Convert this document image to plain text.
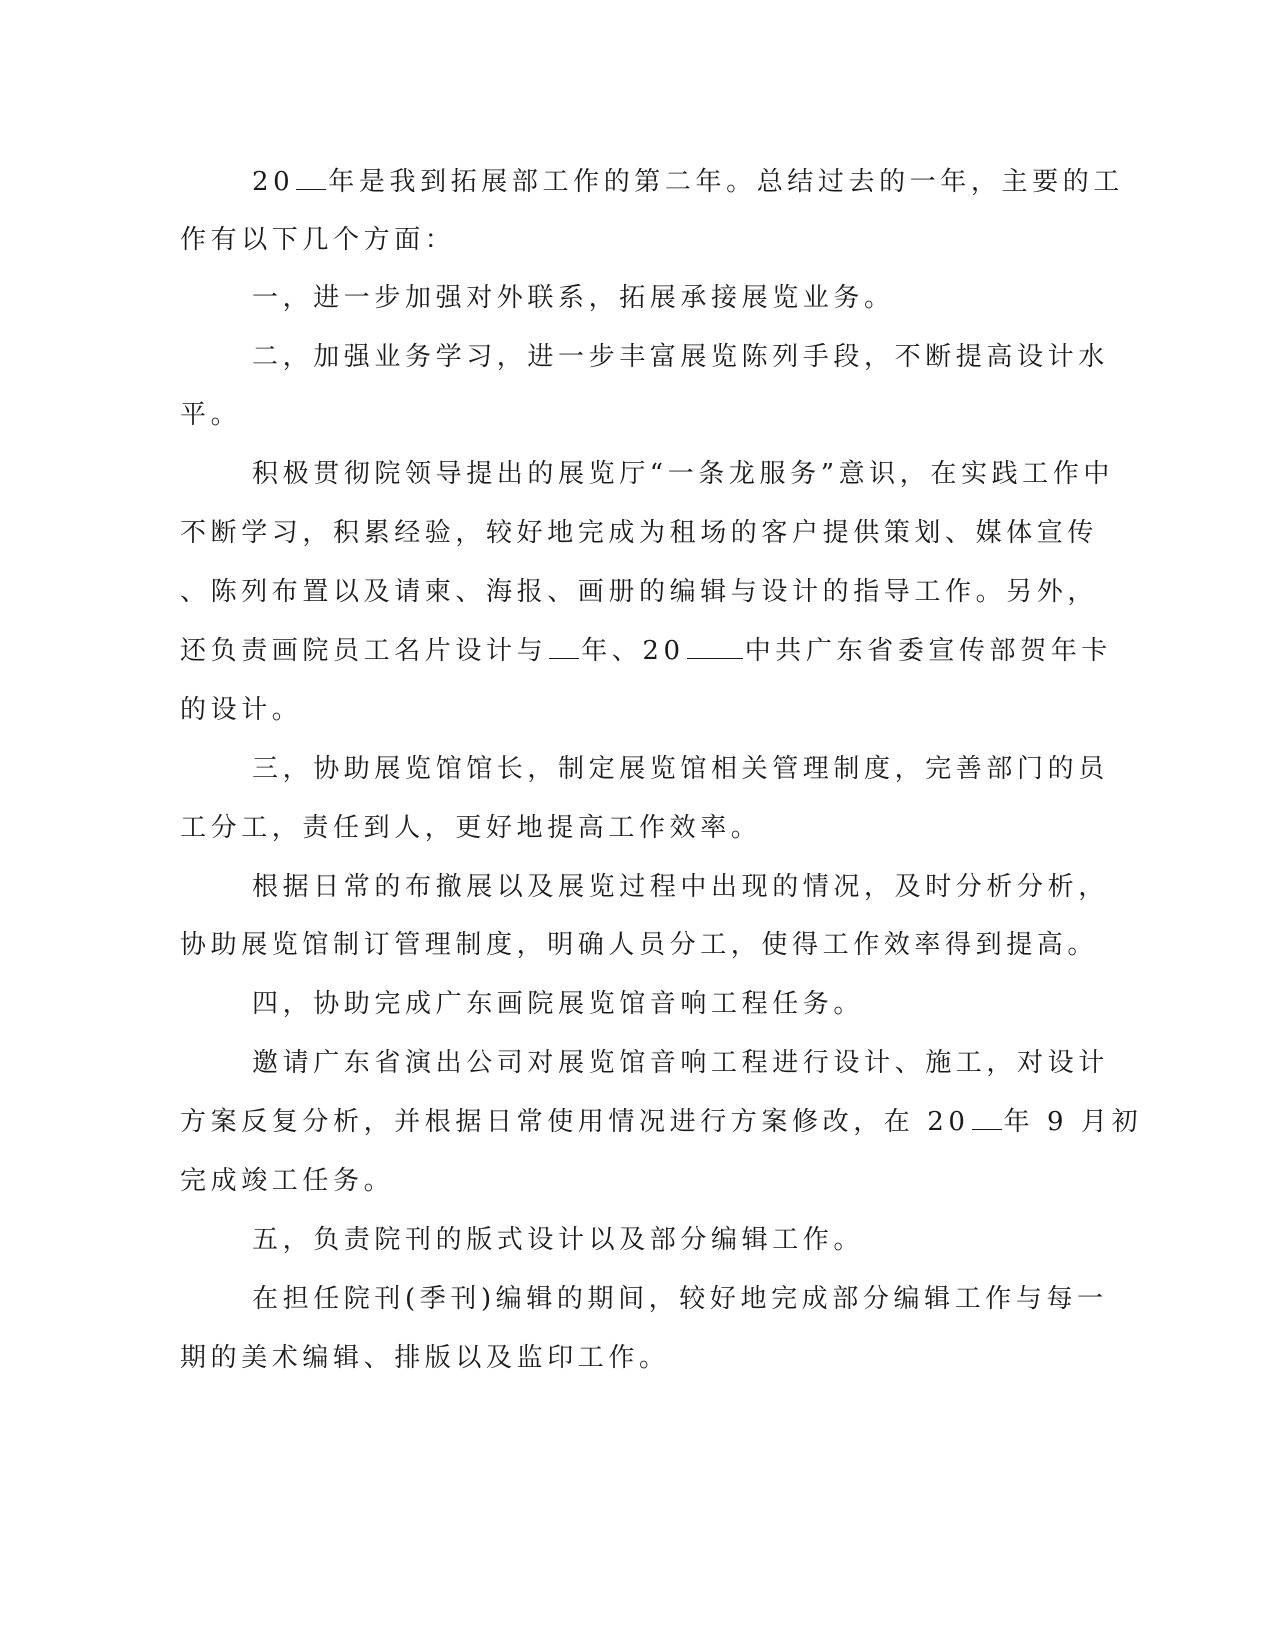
20 年是我到拓展部工作的第二年。总结过去的一年，主要的工
作有以下几个方面：
一，进一步加强对外联系，拓展承接展览业务。
二，加强业务学习，进一步丰富展览陈列手段，不断提高设计水
平。
积极贯彻院领导提出的展览厅“一条龙服务”意识，在实践工作中
不断学习，积累经验，较好地完成为租场的客户提供策划、媒体宣传
、陈列布置以及请柬、海报、画册的编辑与设计的指导工作。另外，
还负责画院员工名片设计与 年、20 中共广东省委宣传部贺年卡
的设计。
三，协助展览馆馆长，制定展览馆相关管理制度，完善部门的员
工分工，责任到人，更好地提高工作效率。
根据日常的布撤展以及展览过程中出现的情况，及时分析分析，
协助展览馆制订管理制度，明确人员分工，使得工作效率得到提高。
四，协助完成广东画院展览馆音响工程任务。
邀请广东省演出公司对展览馆音响工程进行设计、施工，对设计
方案反复分析，并根据日常使用情况进行方案修改，在 20 年 9 月初
完成竣工任务。
五，负责院刊的版式设计以及部分编辑工作。
在担任院刊(季刊)编辑的期间，较好地完成部分编辑工作与每一
期的美术编辑、排版以及监印工作。
